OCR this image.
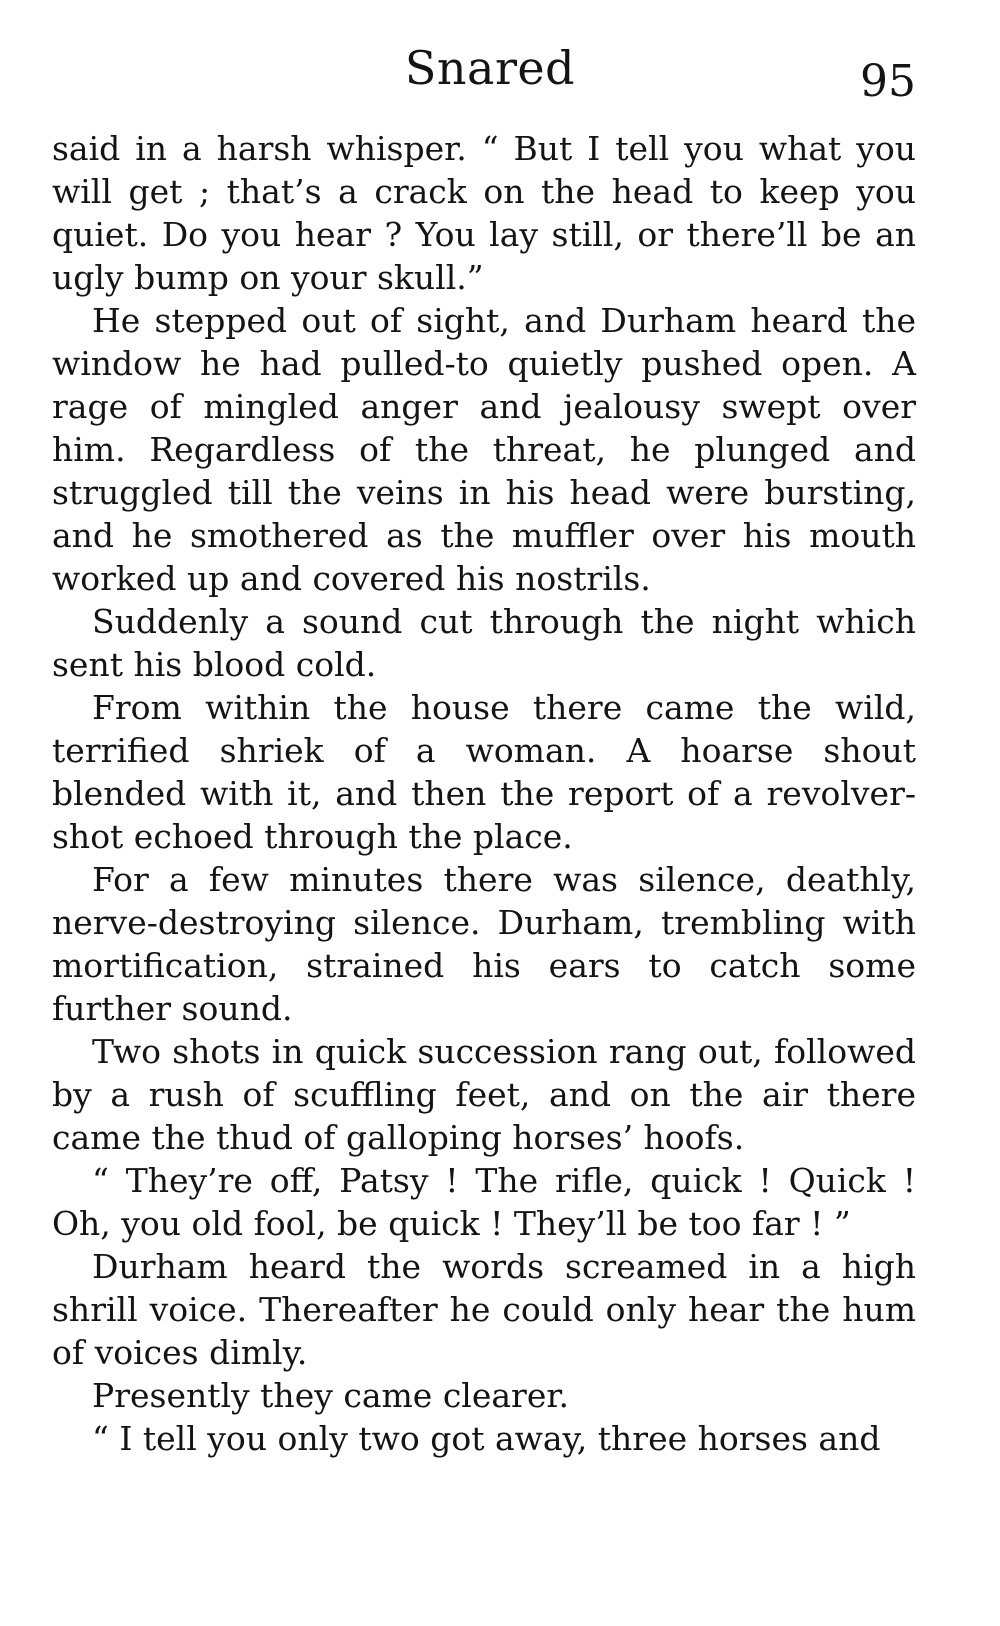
Snared	95

said in a harsh whisper. “ But I tell you what you will get ; that’s a crack on the head to keep you quiet. Do you hear ? You lay still, or there’ll be an ugly bump on your skull.”

He stepped out of sight, and Durham heard the window he had pulled-to quietly pushed open. A rage of mingled anger and jealousy swept over him. Regardless of the threat, he plunged and struggled till the veins in his head were bursting, and he smothered as the muffler over his mouth worked up and covered his nostrils.

Suddenly a sound cut through the night which sent his blood cold.

From within the house there came the wild, terrified shriek of a woman. A hoarse shout blended with it, and then the report of a revolver-shot echoed through the place.

For a few minutes there was silence, deathly, nerve-destroying silence. Durham, trembling with mortification, strained his ears to catch some further sound.

Two shots in quick succession rang out, followed by a rush of scuffling feet, and on the air there came the thud of galloping horses’ hoofs.

“ They’re off, Patsy ! The rifle, quick ! Quick ! Oh, you old fool, be quick ! They’ll be too far ! ”

Durham heard the words screamed in a high shrill voice. Thereafter he could only hear the hum of voices dimly.

Presently they came clearer.

“ I tell you only two got away, three horses and
